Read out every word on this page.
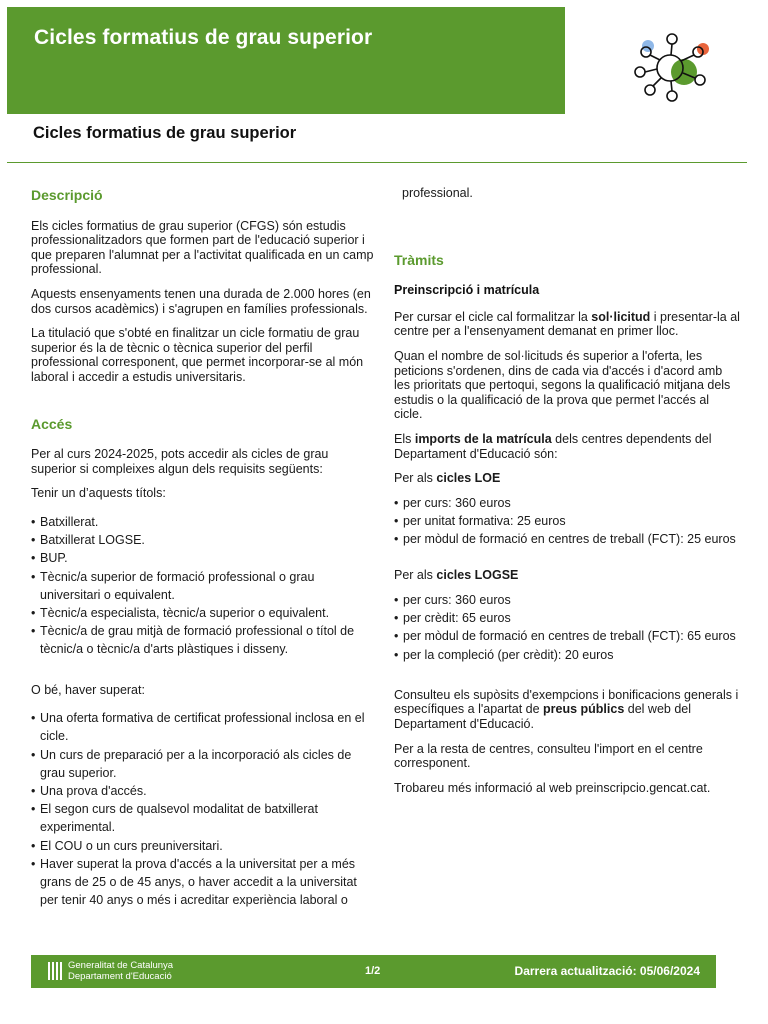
Cicles formatius de grau superior
Cicles formatius de grau superior
Descripció

Els cicles formatius de grau superior (CFGS) són estudis professionalitzadors que formen part de l'educació superior i que preparen l'alumnat per a l'activitat qualificada en un camp professional.

Aquests ensenyaments tenen una durada de 2.000 hores (en dos cursos acadèmics) i s'agrupen en famílies professionals.

La titulació que s'obté en finalitzar un cicle formatiu de grau superior és la de tècnic o tècnica superior del perfil professional corresponent, que permet incorporar-se al món laboral i accedir a estudis universitaris.

Accés

Per al curs 2024-2025, pots accedir als cicles de grau superior si compleixes algun dels requisits següents:

Tenir un d’aquests títols:

• Batxillerat.
• Batxillerat LOGSE.
• BUP.
• Tècnic/a superior de formació professional o grau universitari o equivalent.
• Tècnic/a especialista, tècnic/a superior o equivalent.
• Tècnic/a de grau mitjà de formació professional o títol de tècnic/a o tècnic/a d'arts plàstiques i disseny.

O bé, haver superat:

• Una oferta formativa de certificat professional inclosa en el cicle.
• Un curs de preparació per a la incorporació als cicles de grau superior.
• Una prova d'accés.
• El segon curs de qualsevol modalitat de batxillerat experimental.
• El COU o un curs preuniversitari.
• Haver superat la prova d'accés a la universitat per a més grans de 25 o de 45 anys, o haver accedit a la universitat per tenir 40 anys o més i acreditar experiència laboral o

professional.

Tràmits
Preinscripció i matrícula

Per cursar el cicle cal formalitzar la sol·licitud i presentar-la al centre per a l'ensenyament demanat en primer lloc.

Quan el nombre de sol·licituds és superior a l'oferta, les peticions s'ordenen, dins de cada via d'accés i d'acord amb les prioritats que pertoqui, segons la qualificació mitjana dels estudis o la qualificació de la prova que permet l'accés al cicle.

Els imports de la matrícula dels centres dependents del Departament d'Educació són:

Per als cicles LOE

• per curs: 360 euros
• per unitat formativa: 25 euros
• per mòdul de formació en centres de treball (FCT): 25 euros

Per als cicles LOGSE

• per curs: 360 euros
• per crèdit: 65 euros
• per mòdul de formació en centres de treball (FCT): 65 euros
• per la compleció (per crèdit): 20 euros

Consulteu els supòsits d'exempcions i bonificacions generals i específiques a l'apartat de preus públics del web del Departament d'Educació.

Per a la resta de centres, consulteu l'import en el centre corresponent.

Trobareu més informació al web preinscripcio.gencat.cat.

Generalitat de Catalunya
Departament d'Educació	1/2	Darrera actualització: 05/06/2024
